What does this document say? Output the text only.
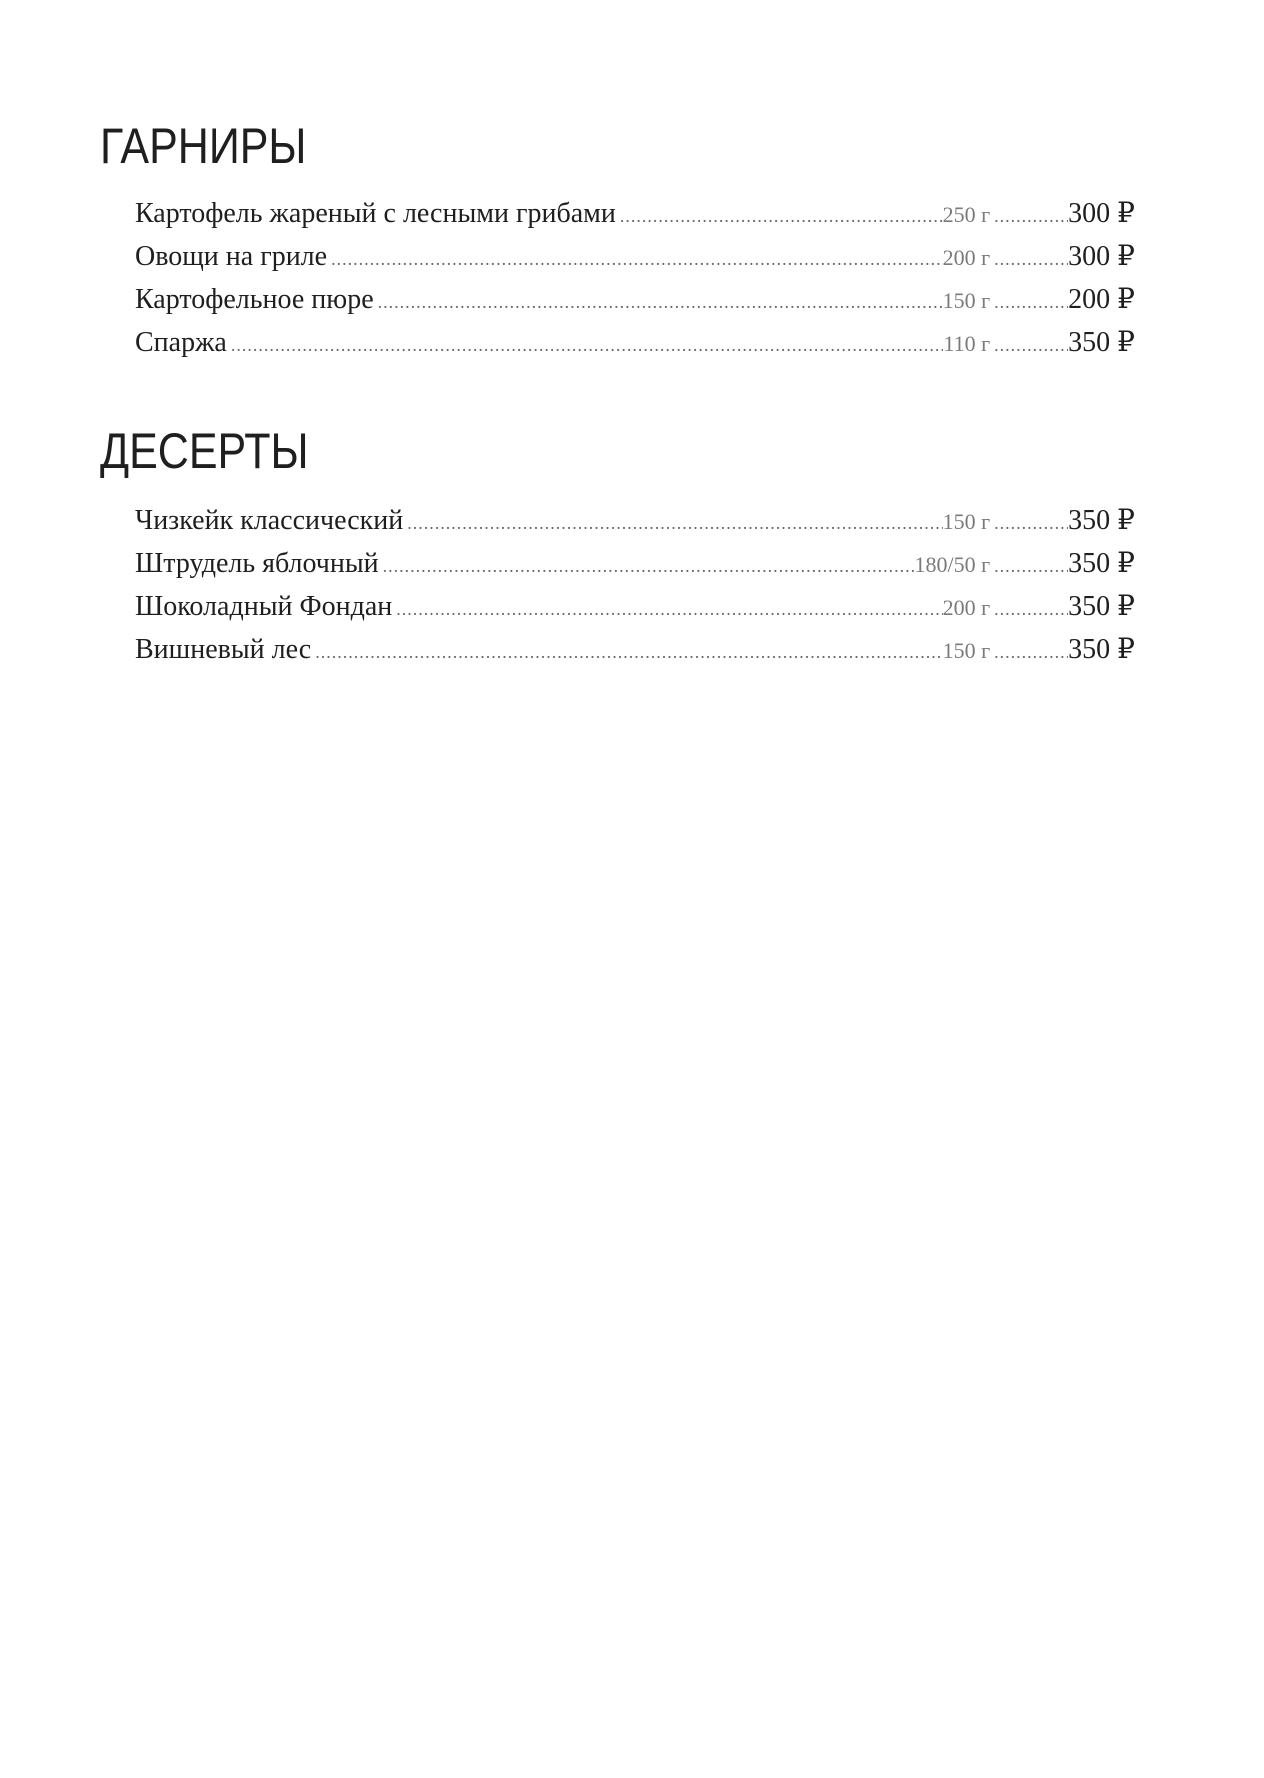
ГАРНИРЫ
Картофель жареный с лесными грибами .....	250 г .....	300 ₽
Овощи на гриле .....	200 г .....	300 ₽
Картофельное пюре .....	150 г .....	200 ₽
Спаржа .....	110 г .....	350 ₽
ДЕСЕРТЫ
Чизкейк классический .....	150 г .....	350 ₽
Штрудель яблочный .....	180/50 г .....	350 ₽
Шоколадный Фондан .....	200 г .....	350 ₽
Вишневый лес .....	150 г .....	350 ₽
